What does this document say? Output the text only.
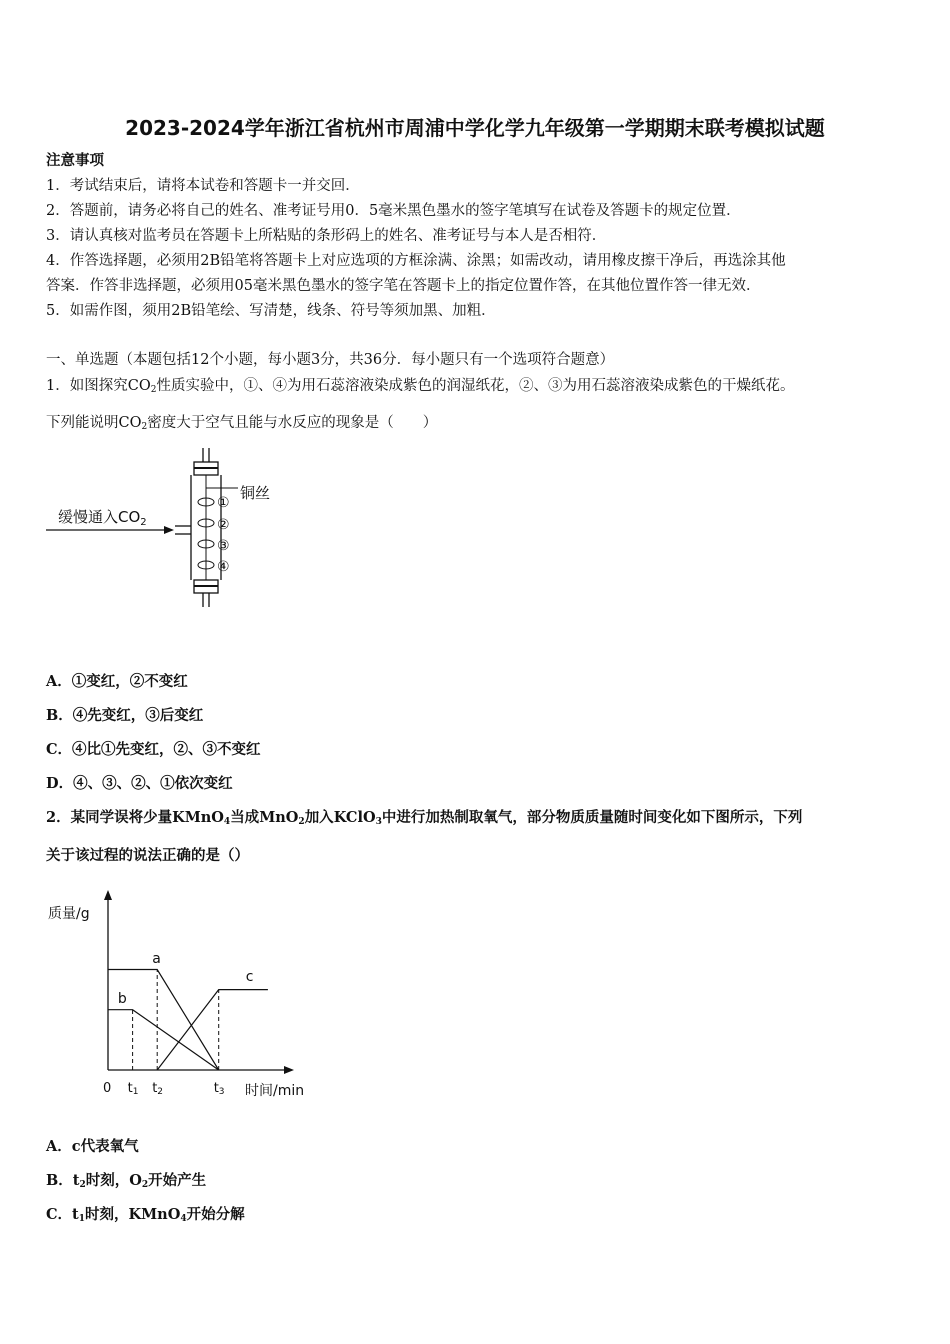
2023-2024学年浙江省杭州市周浦中学化学九年级第一学期期末联考模拟试题
注意事项
1．考试结束后，请将本试卷和答题卡一并交回．
2．答题前，请务必将自己的姓名、准考证号用0．5毫米黑色墨水的签字笔填写在试卷及答题卡的规定位置．
3．请认真核对监考员在答题卡上所粘贴的条形码上的姓名、准考证号与本人是否相符．
4．作答选择题，必须用2B铅笔将答题卡上对应选项的方框涂满、涂黑；如需改动，请用橡皮擦干净后，再选涂其他
答案．作答非选择题，必须用05毫米黑色墨水的签字笔在答题卡上的指定位置作答，在其他位置作答一律无效．
5．如需作图，须用2B铅笔绘、写清楚，线条、符号等须加黑、加粗．
一、单选题（本题包括12个小题，每小题3分，共36分．每小题只有一个选项符合题意）
1．如图探究$CO_2$性质实验中，①、④为用石蕊溶液染成紫色的润湿纸花，②、③为用石蕊溶液染成紫色的干燥纸花。
下列能说明$CO_2$密度大于空气且能与水反应的现象是（　　）
缓慢通入$CO_2$
铜丝
①
②
③
④
A．①变红，②不变红
B．④先变红，③后变红
C．④比①先变红，②、③不变红
D．④、③、②、①依次变红
2．某同学误将少量KMnO$_4$当成MnO$_2$加入KClO$_3$中进行加热制取氧气，部分物质质量随时间变化如下图所示，下列
关于该过程的说法正确的是（）
质量/g
时间/min
a
b
c
0 t1 t2	t3
A．c代表氧气
B．$t_2$时刻，$O_2$开始产生
C．$t_1$时刻，KMnO$_4$开始分解
